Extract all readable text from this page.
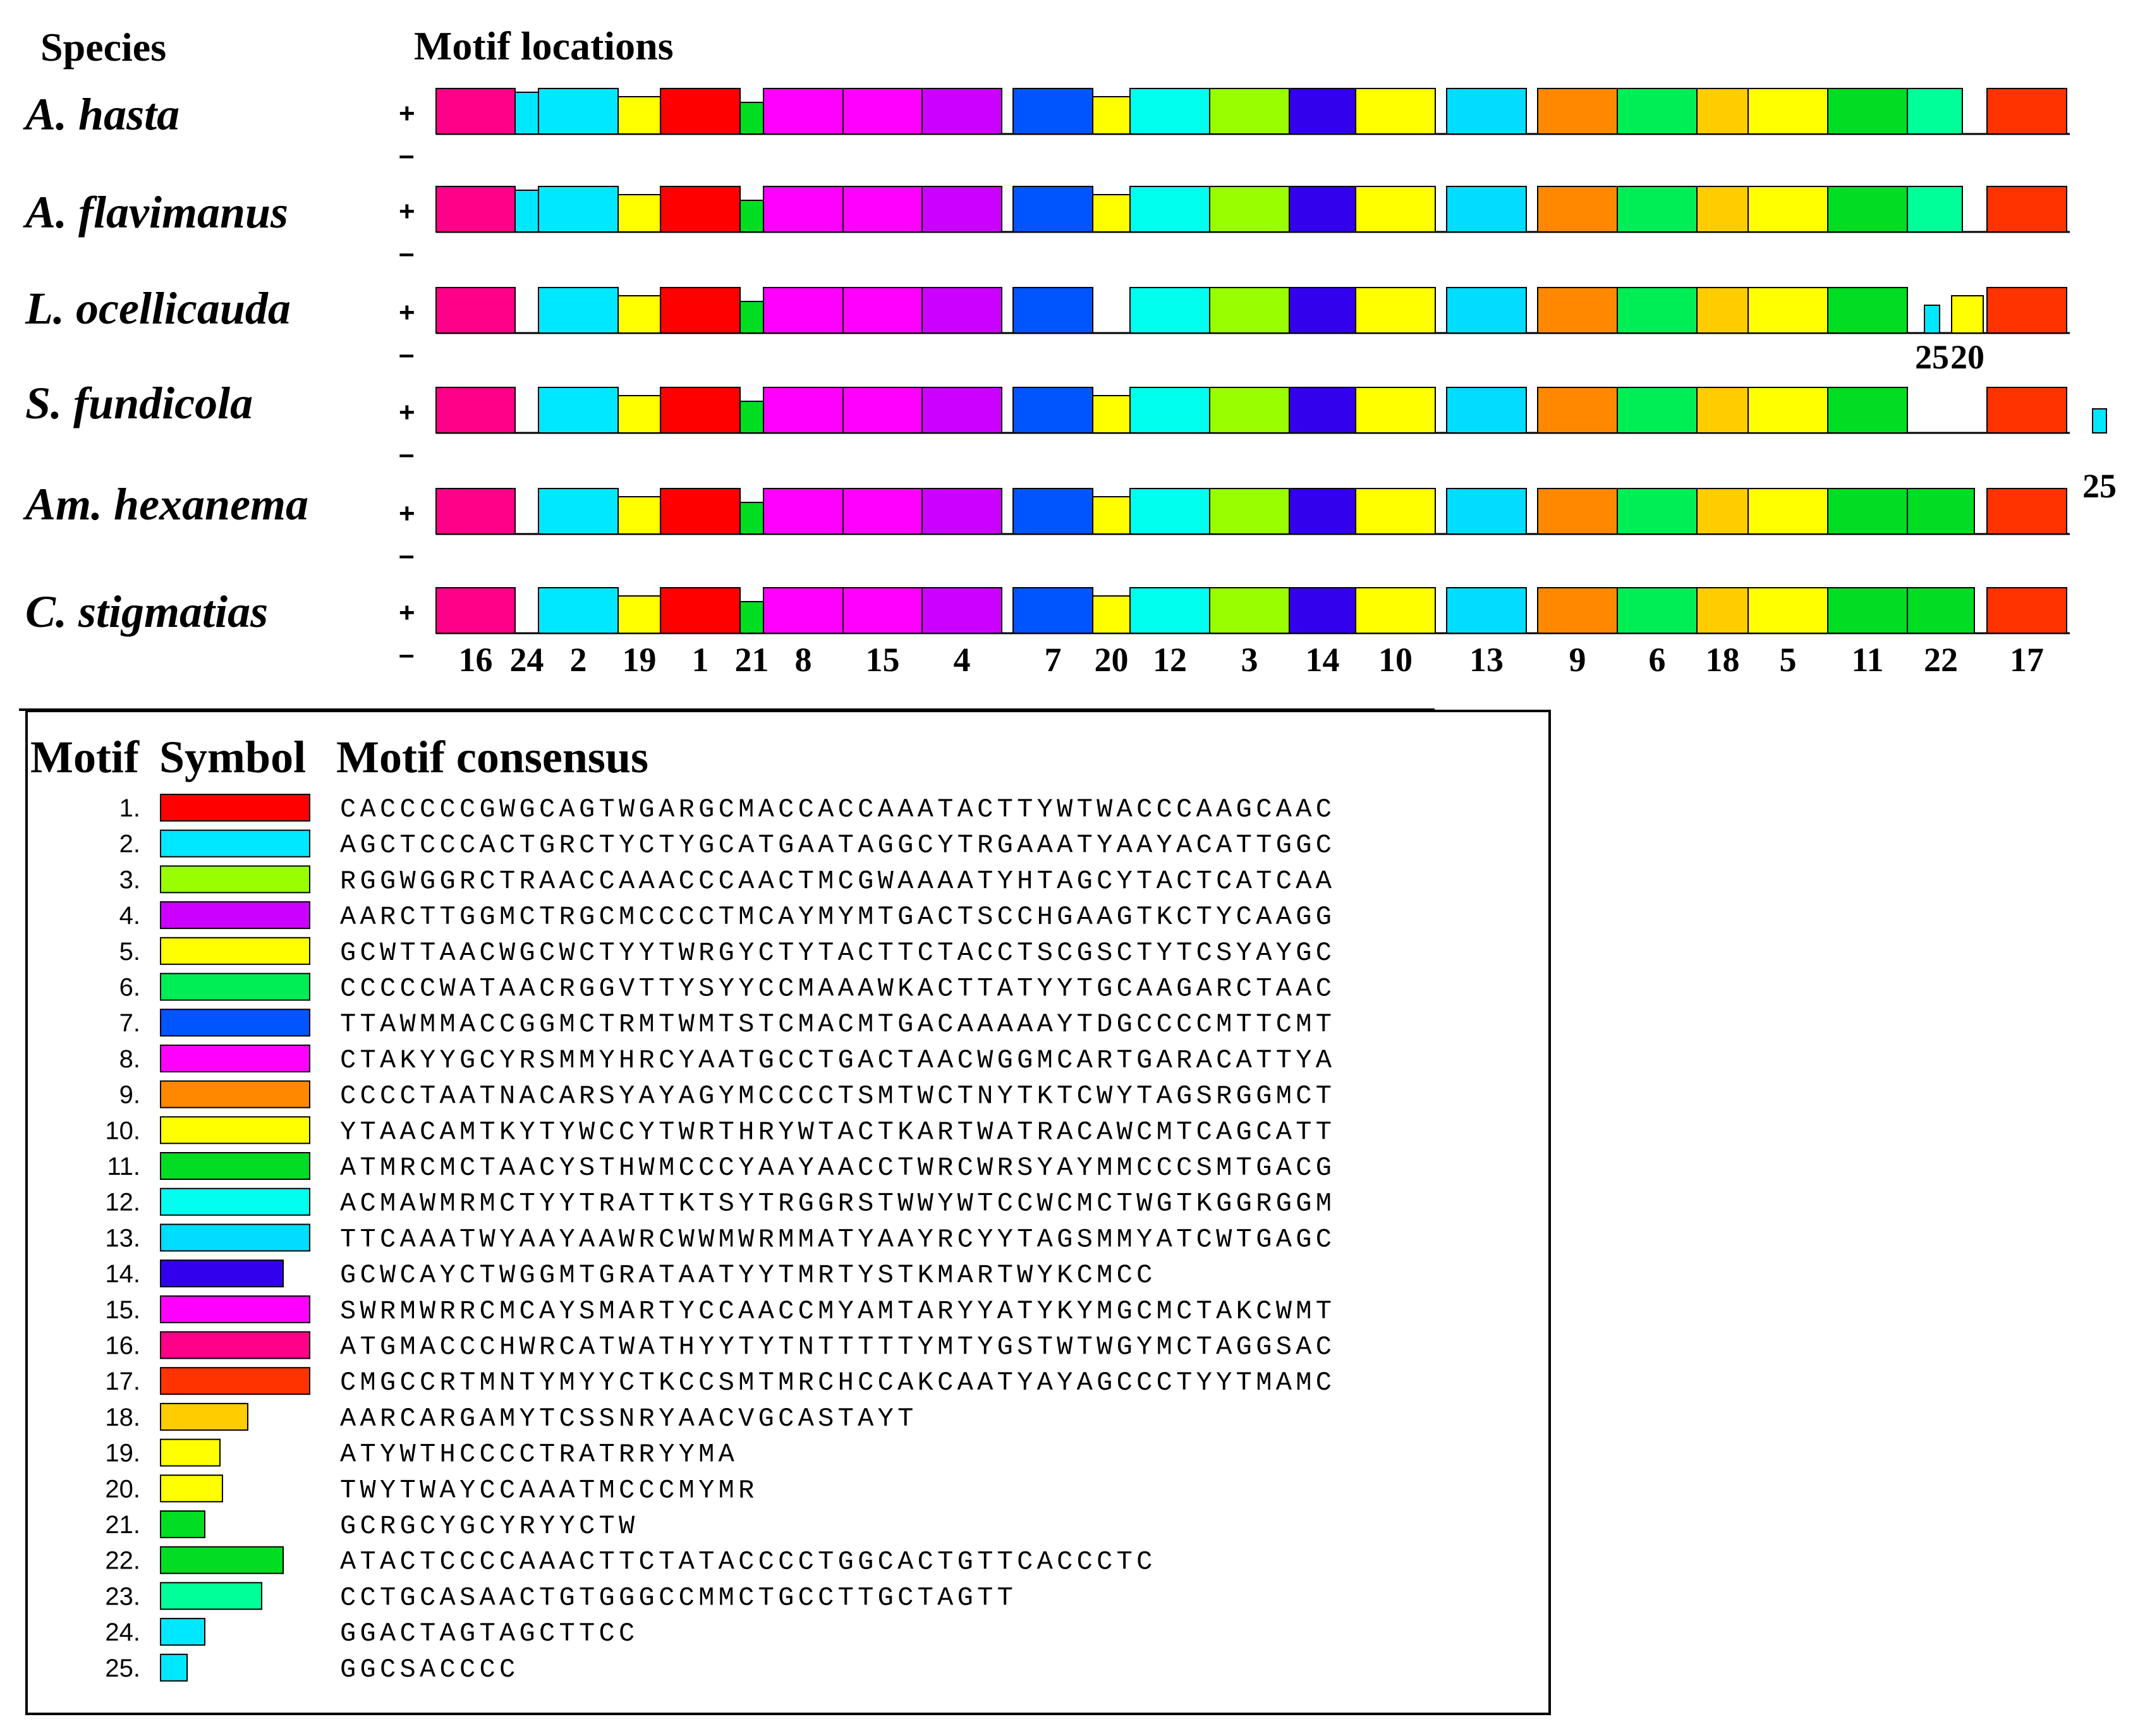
Species	Motif locations
A. hasta	+
–
A. flavimanus	+
–
L. ocellicauda	+
–	25 20
S. fundicola	+
–
25
Am. hexanema	+
–
C. stigmatias	+
– 16 24 2 19 1 21 8 15 4 7 20 12 3 14 10 13 9 6 18 5 11 22 17
Motif Symbol Motif consensus
1.	CACCCCCGWGCAGTWGARGCMACCACCAAATACTTYWTWACCCAAGCAAC
2.	AGCTCCCACTGRCTYCTYGCATGAATAGGCYTRGAAATYAAYACATTGGC
3.	RGGWGGRCTRAACCAAACCCAACTMCGWAAAATYHTAGCYTACTCATCAA
4.	AARCTTGGMCTRGCMCCCCTMCAYMYMTGACTSCCHGAAGTKCTYCAAGG
5.	GCWTTAACWGCWCTYYTWRGYCTYTACTTCTACCTSCGSCTYTCSYAYGC
6.	CCCCCWATAACRGGVTTYSYYCCMAAAWKACTTATYYTGCAAGARCTAAC
7.	TTAWMMACCGGMCTRMTWMTSTCMACMTGACAAAAAYTDGCCCCMTTCMT
8.	CTAKYYGCYRSMMYHRCYAATGCCTGACTAACWGGMCARTGARACATTYA
9.	CCCCTAATNACARSYAYAGYMCCCCTSMTWCTNYTKTCWYTAGSRGGMCT
10.	YTAACAMTKYTYWCCYTWRTHRYWTACTKARTWATRACAWCMTCAGCATT
11.	ATMRCMCTAACYSTHWMCCCYAAYAACCTWRCWRSYAYMMCCCSMTGACG
12.	ACMAWMRMCTYYTRATTKTSYTRGGRSTWWYWTCCWCMCTWGTKGGRGGM
13.	TTCAAATWYAAYAAWRCWWMWRMMATYAAYRCYYTAGSMMYATCWTGAGC
14.	GCWCAYCTWGGMTGRATAATYYTMRTYSTKMARTWYKCMCC
15.	SWRMWRRCMCAYSMARTYCCAACCMYAMTARYYATYKYMGCMCTAKCWMT
16.	ATGMACCCHWRCATWATHYYTYTNTTTTTYMTYGSTWTWGYMCTAGGSAC
17.	CMGCCRTMNTYMYYCTKCCSMTMRCHCCAKCAATYAYAGCCCTYYTMAMC
18.	AARCARGAMYTCSSNRYAACVGCASTAYT
19.	ATYWTHCCCCTRATRRYYMA
20.	TWYTWAYCCAAATMCCCMYMR
21.	GCRGCYGCYRYYCTW
22.	ATACTCCCCAAACTTCTATACCCCTGGCACTGTTCACCCTC
23.	CCTGCASAACTGTGGGCCMMCTGCCTTGCTAGTT
24.	GGACTAGTAGCTTCC
25.	GGCSACCCC
